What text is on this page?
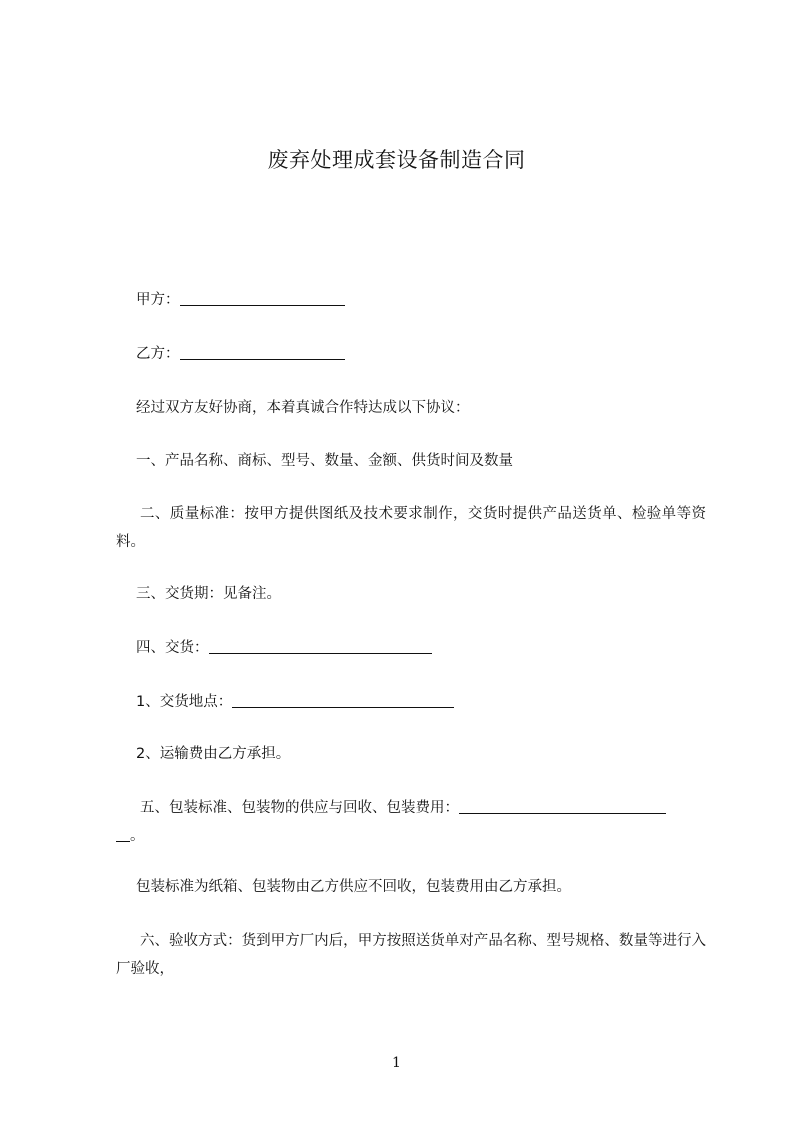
废弃处理成套设备制造合同
甲方：
乙方：
经过双方友好协商，本着真诚合作特达成以下协议：
一、产品名称、商标、型号、数量、金额、供货时间及数量
二、质量标准：按甲方提供图纸及技术要求制作，交货时提供产品送货单、检验单等资料。
三、交货期：见备注。
四、交货：
1、交货地点：
2、运输费由乙方承担。
五、包装标准、包装物的供应与回收、包装费用：
。
包装标准为纸箱、包装物由乙方供应不回收，包装费用由乙方承担。
六、验收方式：货到甲方厂内后，甲方按照送货单对产品名称、型号规格、数量等进行入厂验收，
1
